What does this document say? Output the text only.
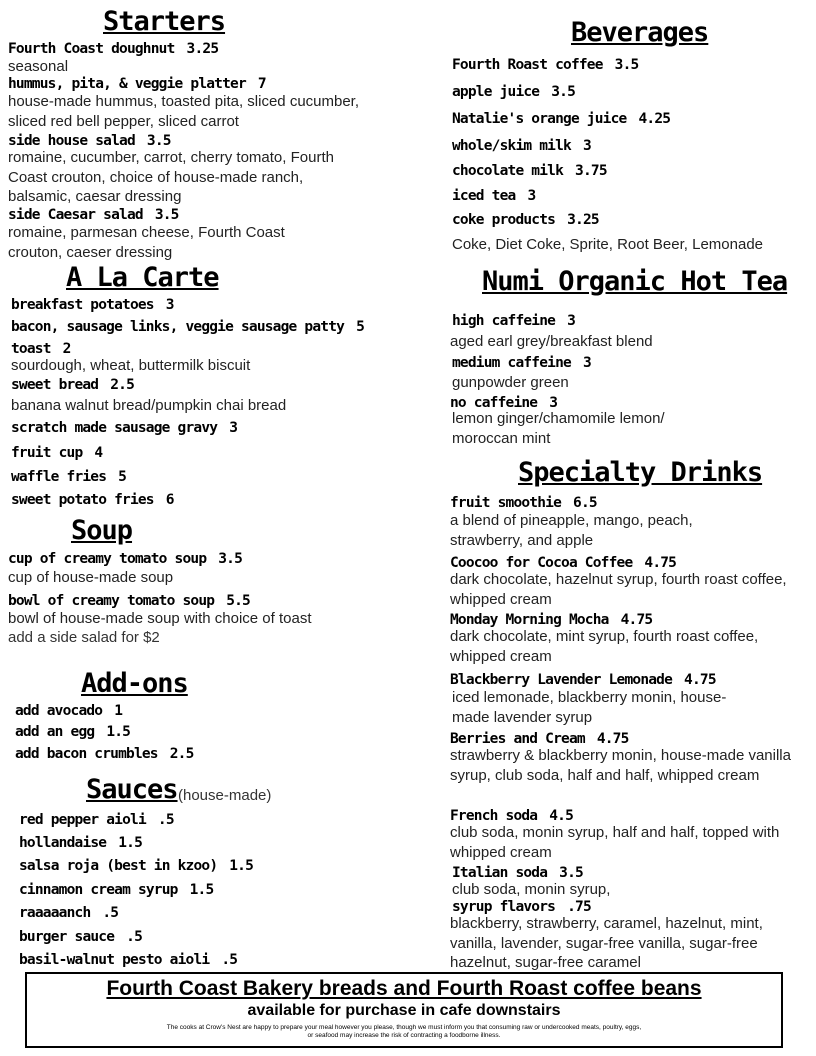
Starters
Fourth Coast doughnut 3.25
seasonal
hummus, pita, & veggie platter 7
house-made hummus, toasted pita, sliced cucumber, sliced red bell pepper, sliced carrot
side house salad 3.5
romaine, cucumber, carrot, cherry tomato, Fourth Coast crouton, choice of house-made ranch, balsamic, caesar dressing
side Caesar salad 3.5
romaine, parmesan cheese, Fourth Coast crouton, caeser dressing
A La Carte
breakfast potatoes 3
bacon, sausage links, veggie sausage patty 5
toast 2
sourdough, wheat, buttermilk biscuit
sweet bread 2.5
banana walnut bread/pumpkin chai bread
scratch made sausage gravy 3
fruit cup 4
waffle fries 5
sweet potato fries 6
Soup
cup of creamy tomato soup 3.5
cup of house-made soup
bowl of creamy tomato soup 5.5
bowl of house-made soup with choice of toast
add a side salad for $2
Add-ons
add avocado 1
add an egg 1.5
add bacon crumbles 2.5
Sauces (house-made)
red pepper aioli .5
hollandaise 1.5
salsa roja (best in kzoo) 1.5
cinnamon cream syrup 1.5
raaaaanch .5
burger sauce .5
basil-walnut pesto aioli .5
Beverages
Fourth Roast coffee 3.5
apple juice 3.5
Natalie's orange juice 4.25
whole/skim milk 3
chocolate milk 3.75
iced tea 3
coke products 3.25
Coke, Diet Coke, Sprite, Root Beer, Lemonade
Numi Organic Hot Tea
high caffeine 3
aged earl grey/breakfast blend
medium caffeine 3
gunpowder green
no caffeine 3
lemon ginger/chamomile lemon/ moroccan mint
Specialty Drinks
fruit smoothie 6.5
a blend of pineapple, mango, peach, strawberry, and apple
Coocoo for Cocoa Coffee 4.75
dark chocolate, hazelnut syrup, fourth roast coffee, whipped cream
Monday Morning Mocha 4.75
dark chocolate, mint syrup, fourth roast coffee, whipped cream
Blackberry Lavender Lemonade 4.75
iced lemonade, blackberry monin, house-made lavender syrup
Berries and Cream 4.75
strawberry & blackberry monin, house-made vanilla syrup, club soda, half and half, whipped cream
French soda 4.5
club soda, monin syrup, half and half, topped with whipped cream
Italian soda 3.5
club soda, monin syrup,
syrup flavors .75
blackberry, strawberry, caramel, hazelnut, mint, vanilla, lavender, sugar-free vanilla, sugar-free hazelnut, sugar-free caramel
Fourth Coast Bakery breads and Fourth Roast coffee beans
available for purchase in cafe downstairs
The cooks at Crow's Nest are happy to prepare your meal however you please, though we must inform you that consuming raw or undercooked meats, poultry, eggs, or seafood may increase the risk of contracting a foodborne illness.
